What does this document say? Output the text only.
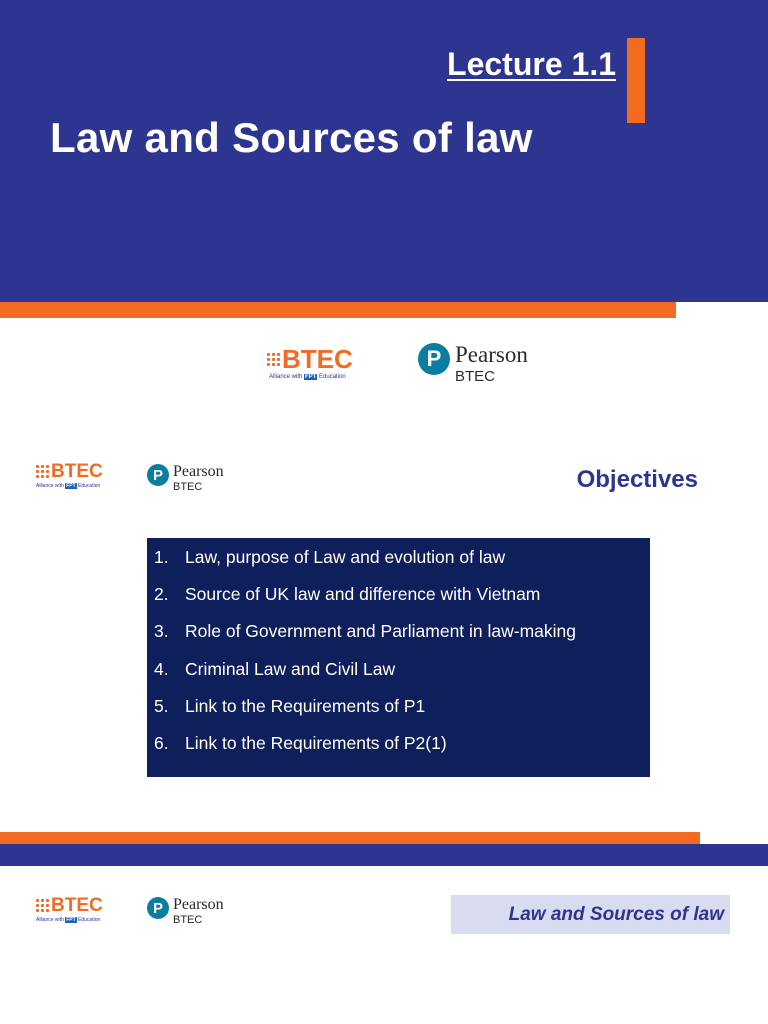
Lecture 1.1
Law and Sources of law
BTEC
Alliance with FPT Education
P Pearson
BTEC
BTEC
Alliance with FPT Education
P Pearson
BTEC	Objectives
1. Law, purpose of Law and evolution of law
2. Source of UK law and difference with Vietnam
3. Role of Government and Parliament in law-making
4. Criminal Law and Civil Law
5. Link to the Requirements of P1
6. Link to the Requirements of P2(1)
BTEC
Alliance with FPT Education
P Pearson
BTEC	Law and Sources of law
